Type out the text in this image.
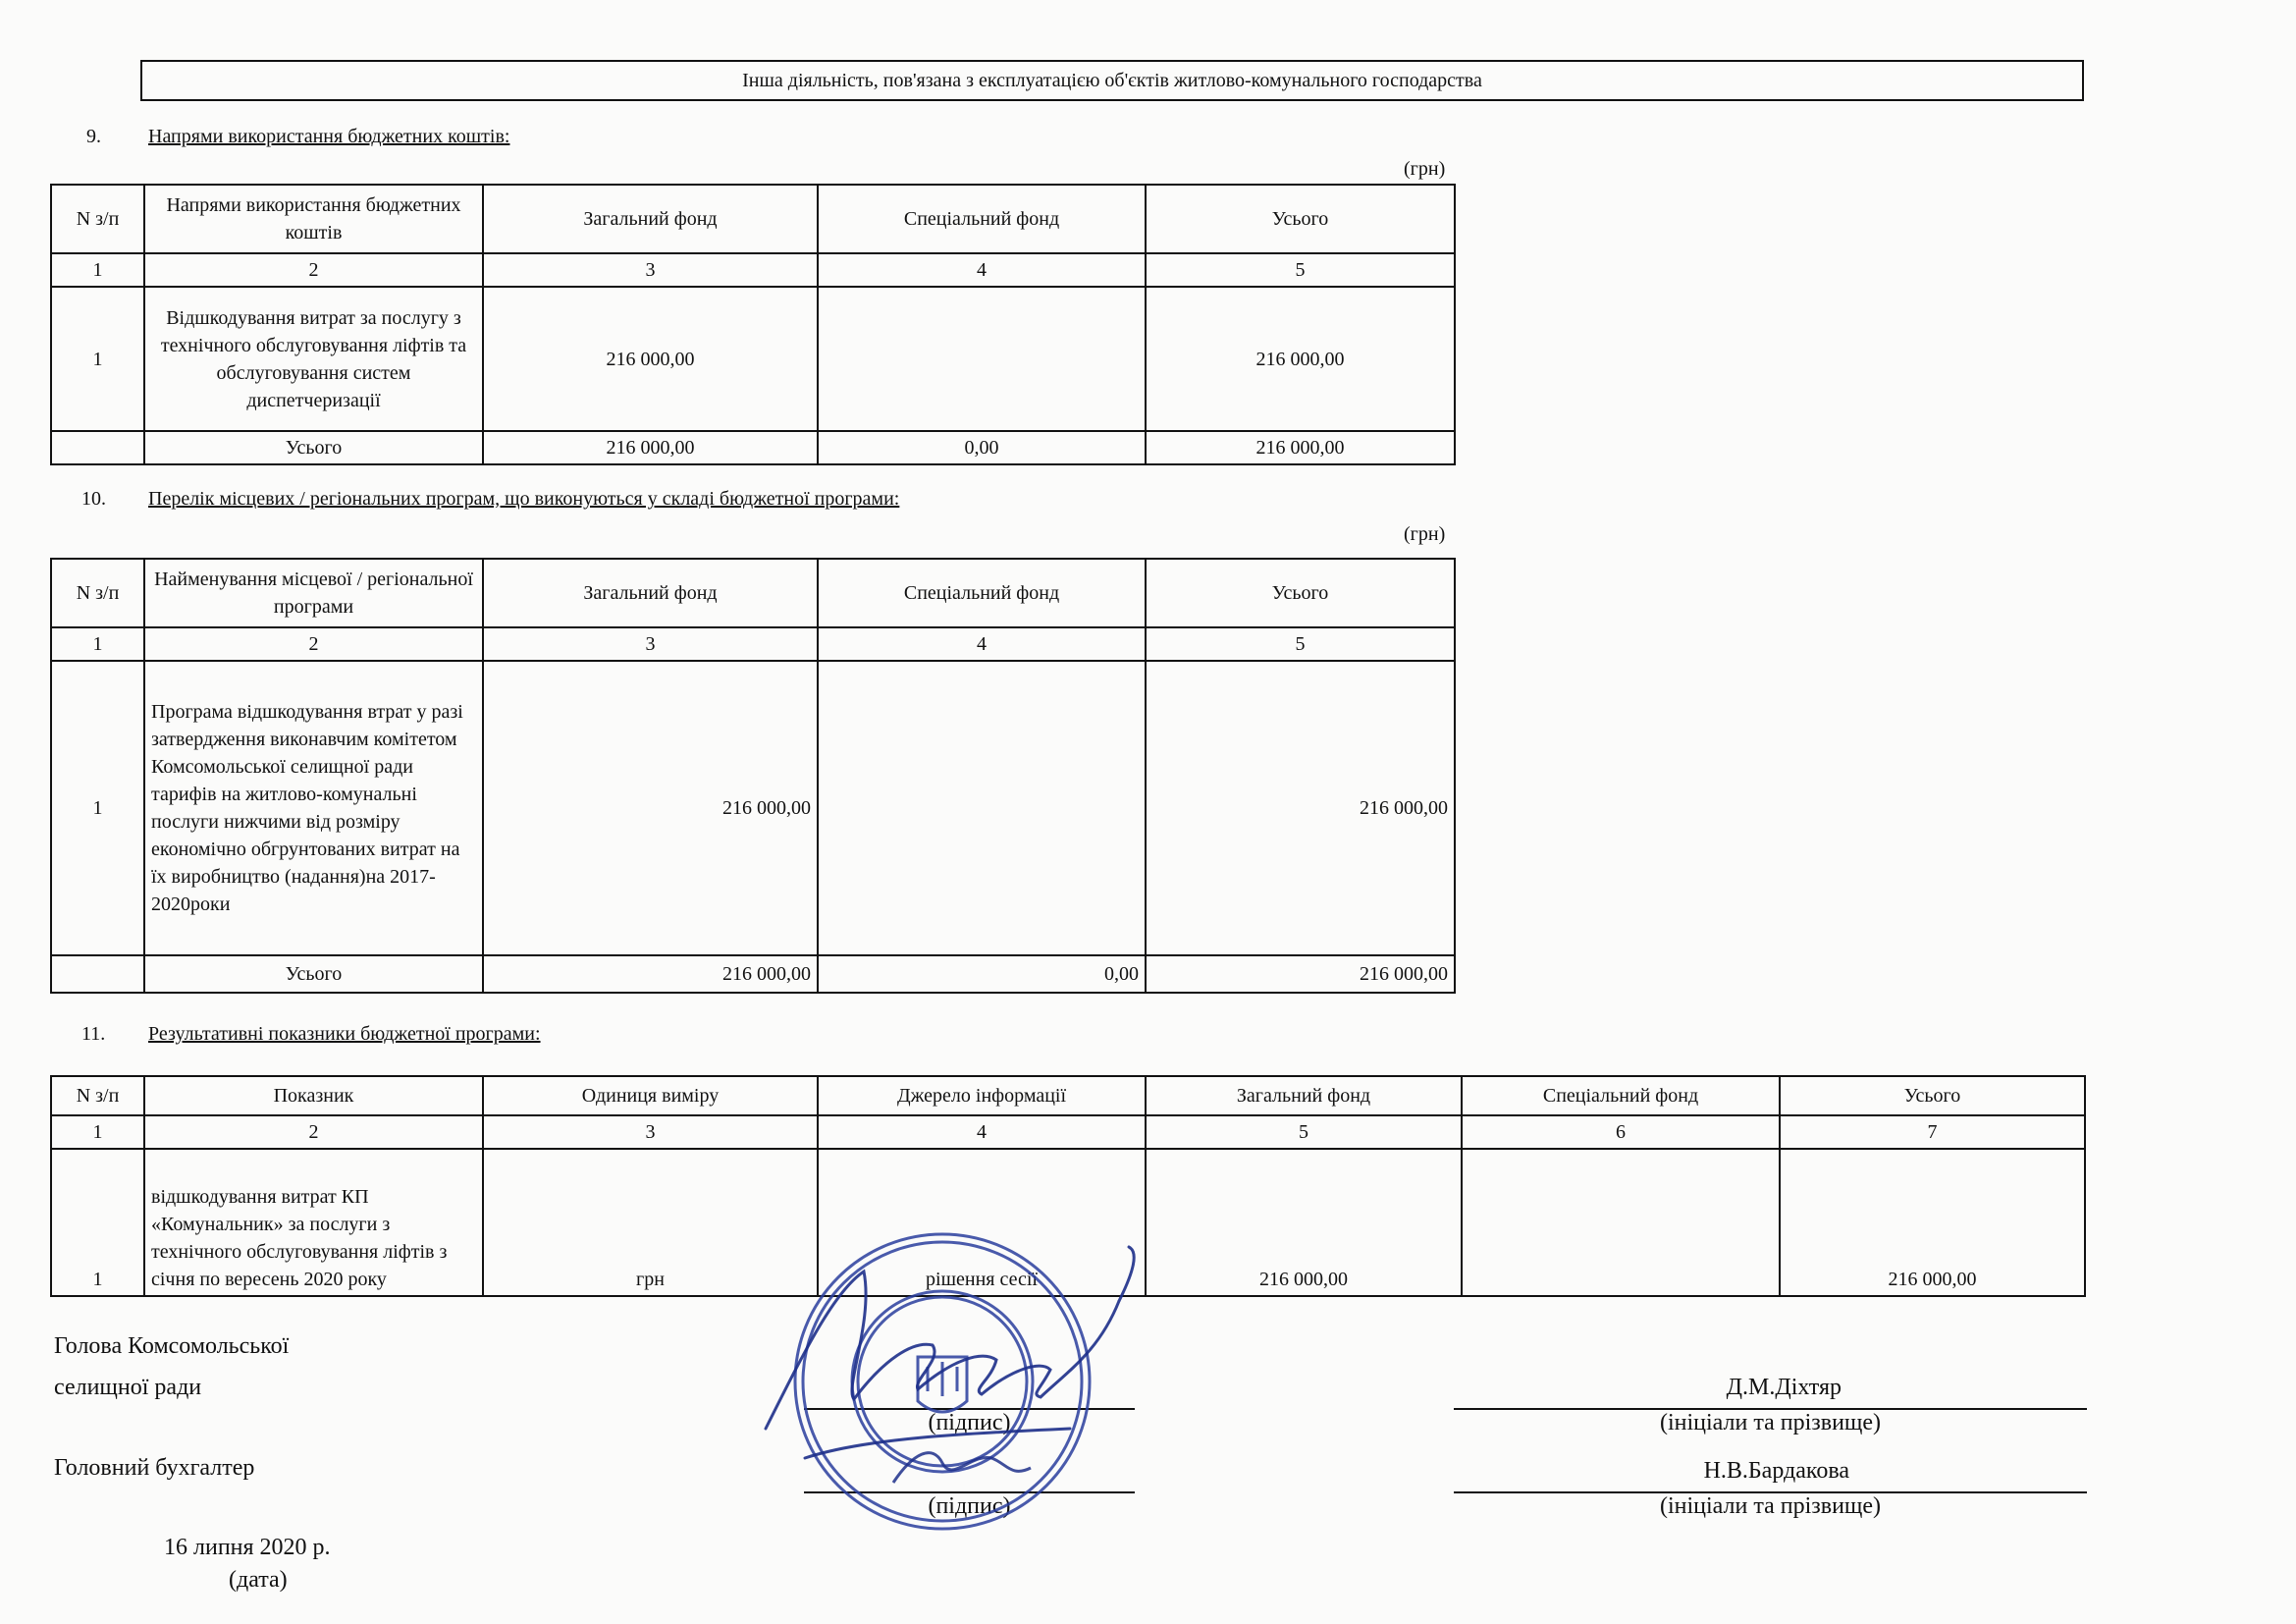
Інша діяльність, пов'язана з експлуатацією об'єктів житлово-комунального господарства
9. Напрями використання бюджетних коштів:
(грн)
N з/п	Напрями використання бюджетних коштів	Загальний фонд	Спеціальний фонд	Усього
1	2	3	4	5
1	Відшкодування витрат за послугу з технічного обслуговування ліфтів та обслуговування систем диспетчеризації	216 000,00		216 000,00
	Усього	216 000,00	0,00	216 000,00
10. Перелік місцевих / регіональних програм, що виконуються у складі бюджетної програми:
(грн)
N з/п	Найменування місцевої / регіональної програми	Загальний фонд	Спеціальний фонд	Усього
1	2	3	4	5
1	Програма відшкодування втрат у разі затвердження виконавчим комітетом Комсомольської селищної ради тарифів на житлово-комунальні послуги нижчими від розміру економічно обгрунтованих витрат на їх виробництво (надання)на 2017-2020роки	216 000,00		216 000,00
	Усього	216 000,00	0,00	216 000,00
11. Результативні показники бюджетної програми:
N з/п	Показник	Одиниця виміру	Джерело інформації	Загальний фонд	Спеціальний фонд	Усього
1	2	3	4	5	6	7
1	відшкодування витрат КП «Комунальник» за послуги з технічного обслуговування ліфтів з січня по вересень 2020 року	грн	рішення сесії	216 000,00		216 000,00
Голова Комсомольської
селищної ради
(підпис)
Д.М.Діхтяр
(ініціали та прізвище)
Головний бухгалтер
(підпис)
Н.В.Бардакова
(ініціали та прізвище)
16 липня 2020 р.
(дата)
